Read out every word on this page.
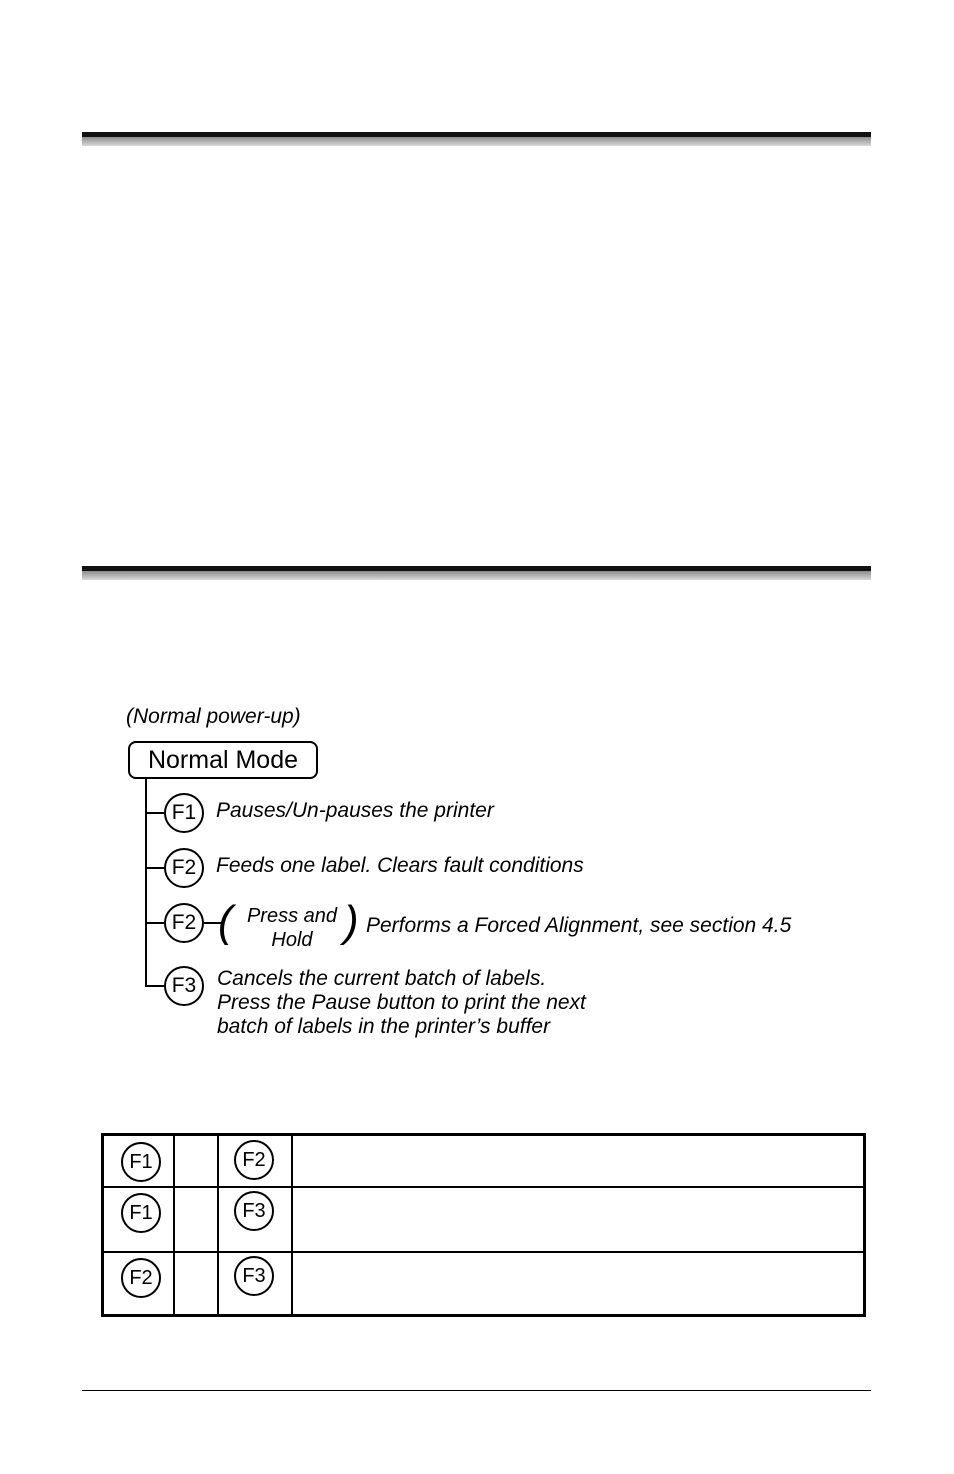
(Normal power-up)
Normal Mode
F1 Pauses/Un-pauses the printer
F2 Feeds one label. Clears fault conditions
F2 ( Press and
Hold ) Performs a Forced Alignment, see section 4.5
F3 Cancels the current batch of labels.
Press the Pause button to print the next
batch of labels in the printer’s buffer
F1	F2
F1	F3
F2	F3
